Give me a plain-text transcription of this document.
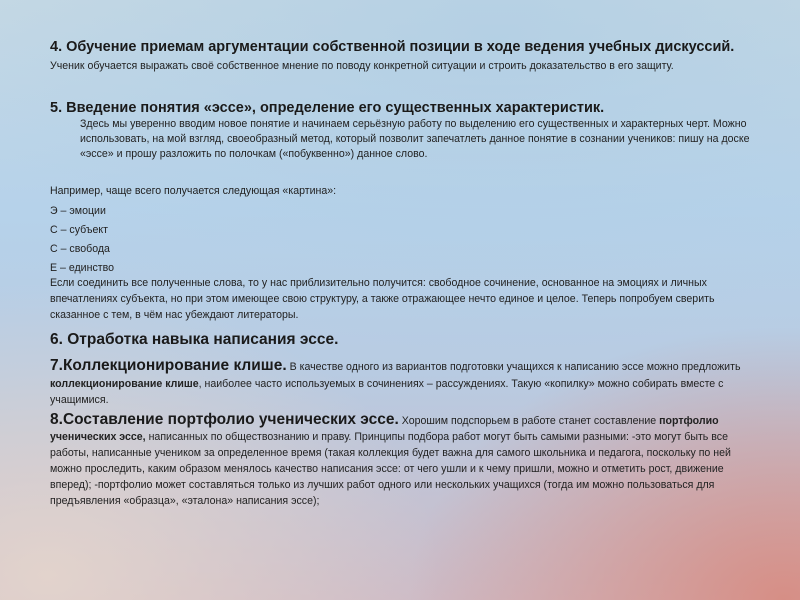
4. Обучение приемам аргументации собственной позиции в ходе ведения учебных дискуссий. Ученик обучается выражать своё собственное мнение по поводу конкретной ситуации и строить доказательство в его защиту.
5. Введение понятия «эссе», определение его существенных характеристик.
Здесь мы уверенно вводим новое понятие и начинаем серьёзную работу по выделению его существенных и характерных черт. Можно использовать, на мой взгляд, своеобразный метод, который позволит запечатлеть данное понятие в сознании учеников: пишу на доске «эссе» и прошу разложить по полочкам («побуквенно») данное слово.
Например, чаще всего получается следующая «картина»:
Э – эмоции
С – субъект
С – свобода
Е – единство
Если соединить все полученные слова, то у нас приблизительно получится: свободное сочинение, основанное на эмоциях и личных впечатлениях субъекта, но при этом имеющее свою структуру, а также отражающее нечто единое и целое. Теперь попробуем сверить сказанное с тем, в чём нас убеждают литераторы.
6. Отработка навыка написания эссе.
7.Коллекционирование клише. В качестве одного из вариантов подготовки учащихся к написанию эссе можно предложить коллекционирование клише, наиболее часто используемых в сочинениях – рассуждениях. Такую «копилку» можно собирать вместе с учащимися.
8.Составление портфолио ученических эссе. Хорошим подспорьем в работе станет составление портфолио ученических эссе, написанных по обществознанию и праву. Принципы подбора работ могут быть самыми разными: -это могут быть все работы, написанные учеником за определенное время (такая коллекция будет важна для самого школьника и педагога, поскольку по ней можно проследить, каким образом менялось качество написания эссе: от чего ушли и к чему пришли, можно и отметить рост, движение вперед); -портфолио может составляться только из лучших работ одного или нескольких учащихся (тогда им можно пользоваться для предъявления «образца», «эталона» написания эссе);
